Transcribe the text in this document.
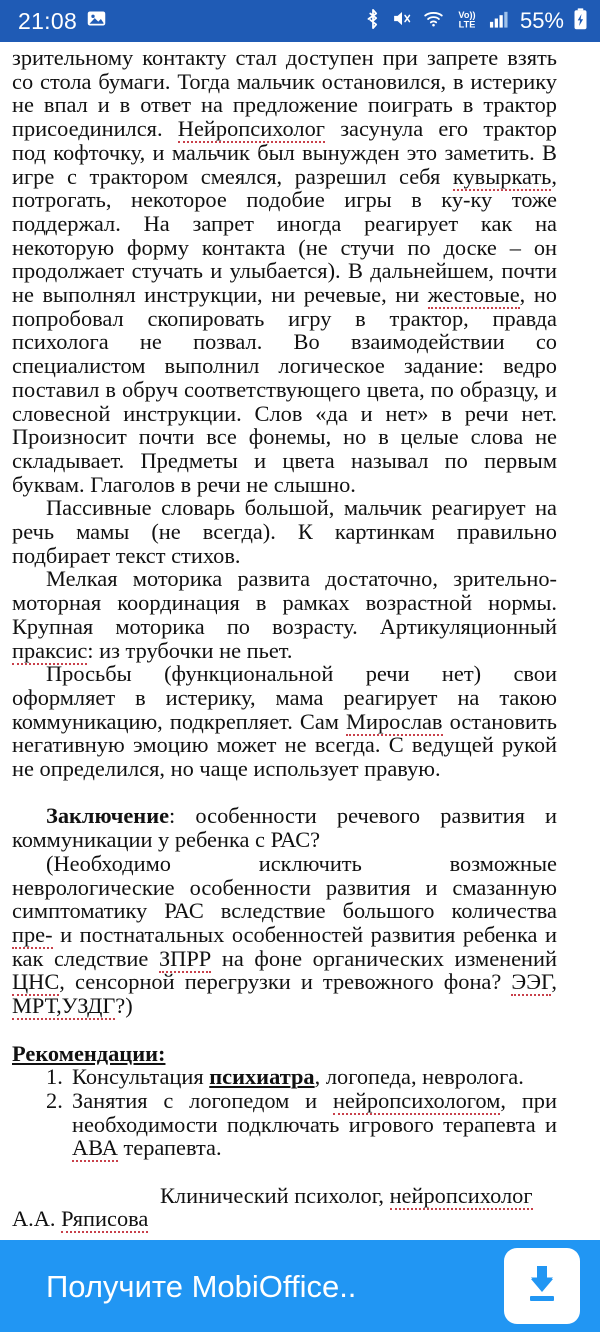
21:08	Vo))
LTE 55%
зрительному контакту стал доступен при запрете взять со стола бумаги. Тогда мальчик остановился, в истерику не впал и в ответ на предложение поиграть в трактор присоединился. Нейропсихолог засунула его трактор под кофточку, и мальчик был вынужден это заметить. В игре с трактором смеялся, разрешил себя кувыркать, потрогать, некоторое подобие игры в ку-ку тоже поддержал. На запрет иногда реагирует как на некоторую форму контакта (не стучи по доске – он продолжает стучать и улыбается). В дальнейшем, почти не выполнял инструкции, ни речевые, ни жестовые, но попробовал скопировать игру в трактор, правда психолога не позвал. Во взаимодействии со специалистом выполнил логическое задание: ведро поставил в обруч соответствующего цвета, по образцу, и словесной инструкции. Слов «да и нет» в речи нет. Произносит почти все фонемы, но в целые слова не складывает. Предметы и цвета называл по первым буквам. Глаголов в речи не слышно.
Пассивные словарь большой, мальчик реагирует на речь мамы (не всегда). К картинкам правильно подбирает текст стихов.
Мелкая моторика развита достаточно, зрительно-моторная координация в рамках возрастной нормы. Крупная моторика по возрасту. Артикуляционный праксис: из трубочки не пьет.
Просьбы (функциональной речи нет) свои оформляет в истерику, мама реагирует на такою коммуникацию, подкрепляет. Сам Мирослав остановить негативную эмоцию может не всегда. С ведущей рукой не определился, но чаще использует правую.
Заключение: особенности речевого развития и коммуникации у ребенка с РАС?
(Необходимо исключить возможные неврологические особенности развития и смазанную симптоматику РАС вследствие большого количества пре- и постнатальных особенностей развития ребенка и как следствие ЗПРР на фоне органических изменений ЦНС, сенсорной перегрузки и тревожного фона? ЭЭГ, МРТ,УЗДГ?)
Рекомендации:
Консультация психиатра, логопеда, невролога.
Занятия с логопедом и нейропсихологом, при необходимости подключать игрового терапевта и АВА терапевта.
Клинический психолог, нейропсихолог
А.А. Ряписова
Получите MobiOffice..
